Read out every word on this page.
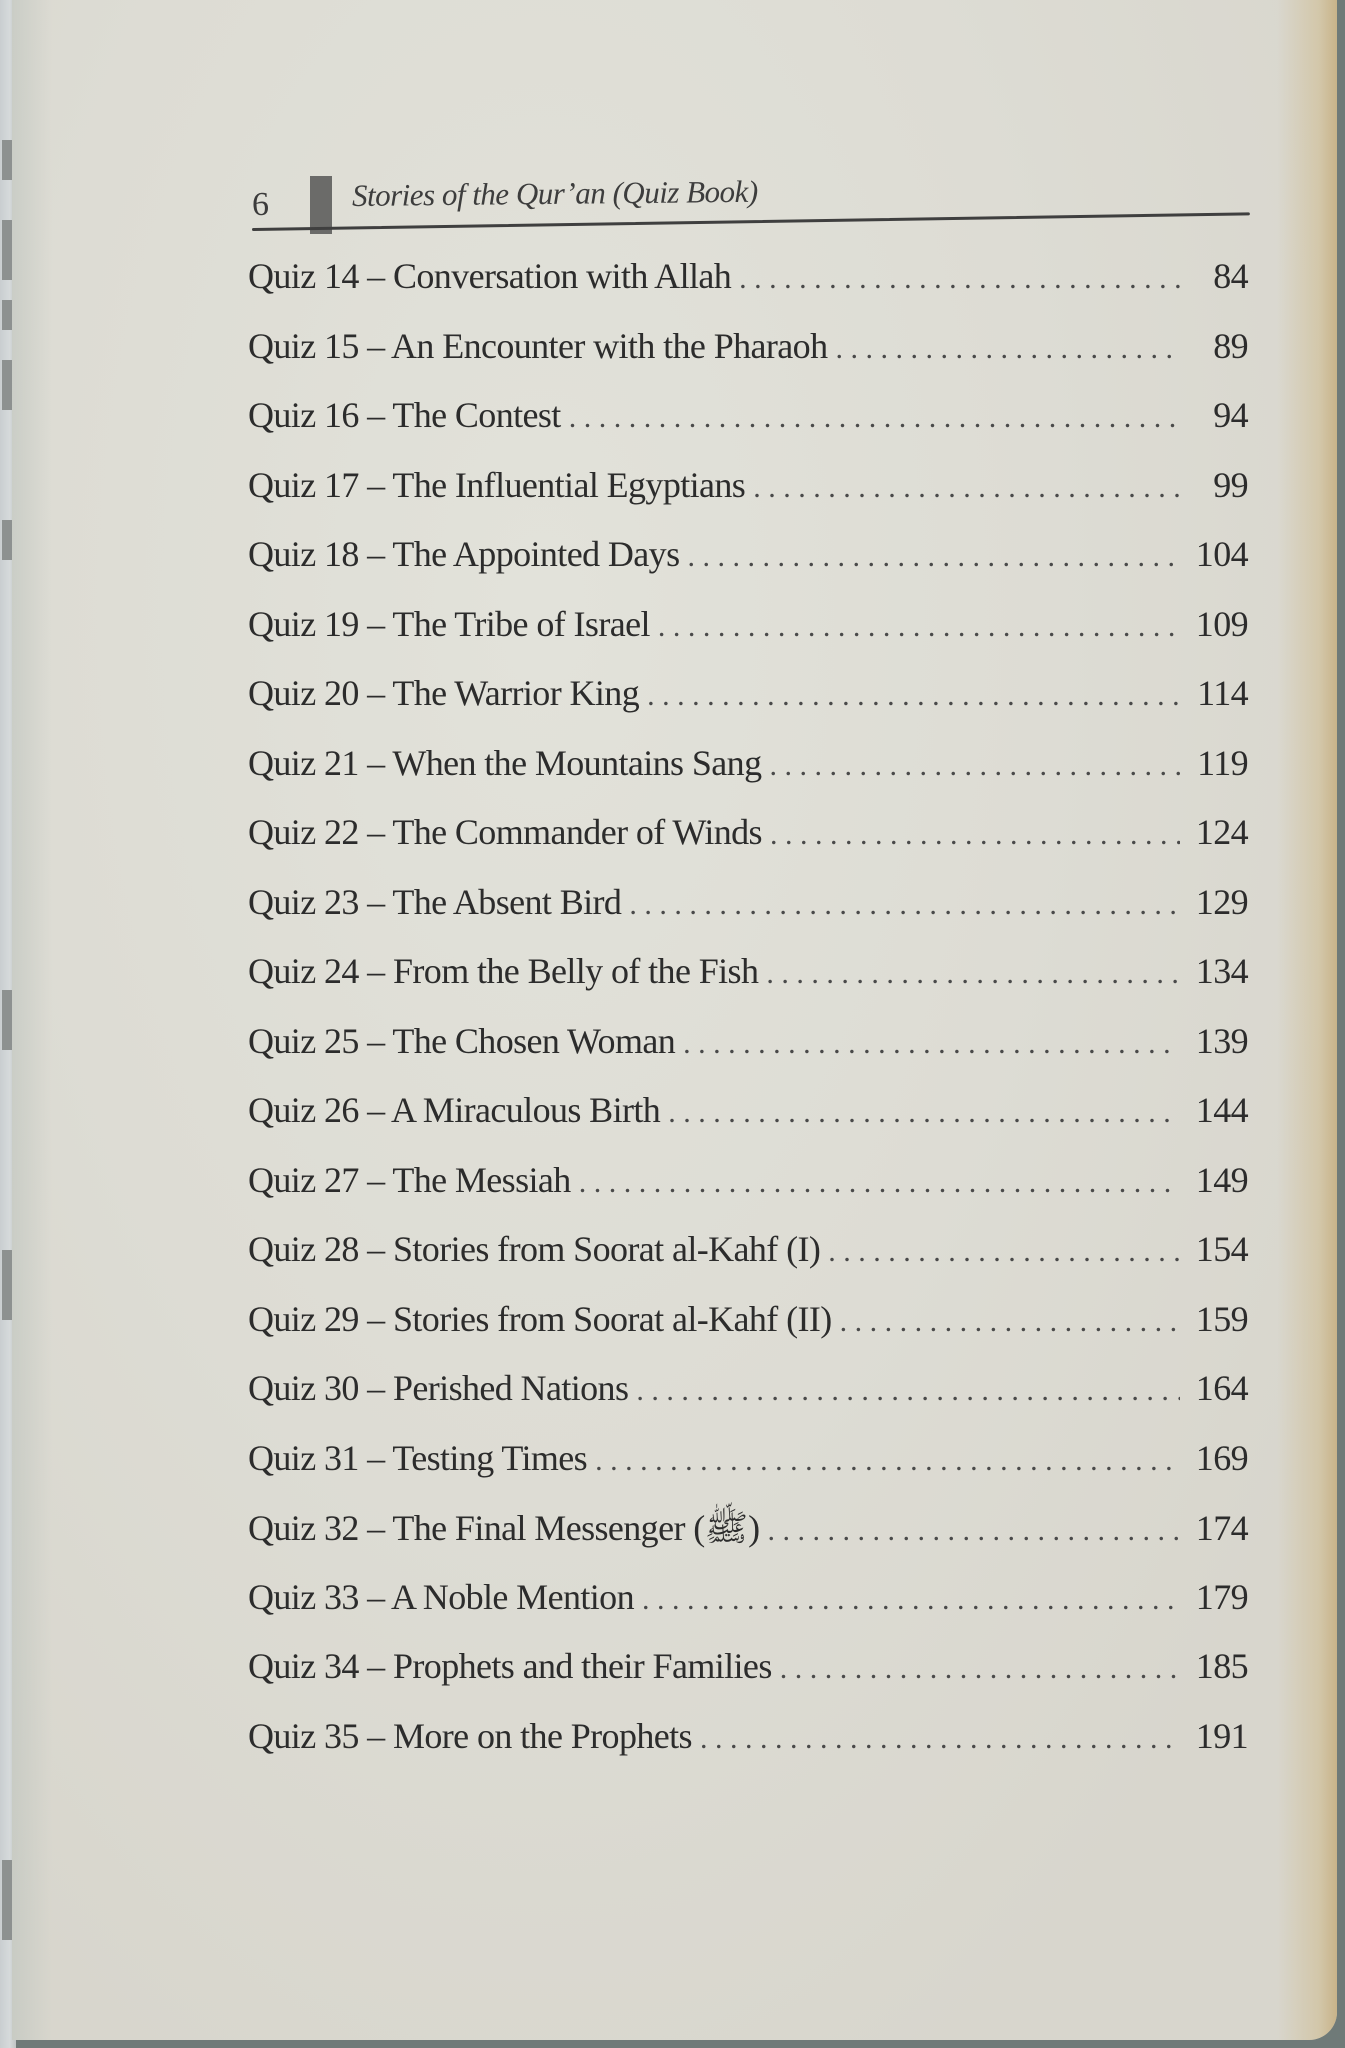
6	Stories of the Qur’an (Quiz Book)
Quiz 14 – Conversation with Allah . . .	84
Quiz 15 – An Encounter with the Pharaoh . . .	89
Quiz 16 – The Contest . . .	94
Quiz 17 – The Influential Egyptians . . .	99
Quiz 18 – The Appointed Days . . .	104
Quiz 19 – The Tribe of Israel . . .	109
Quiz 20 – The Warrior King . . .	114
Quiz 21 – When the Mountains Sang . . .	119
Quiz 22 – The Commander of Winds . . .	124
Quiz 23 – The Absent Bird . . .	129
Quiz 24 – From the Belly of the Fish . . .	134
Quiz 25 – The Chosen Woman . . .	139
Quiz 26 – A Miraculous Birth . . .	144
Quiz 27 – The Messiah . . .	149
Quiz 28 – Stories from Soorat al-Kahf (I) . . .	154
Quiz 29 – Stories from Soorat al-Kahf (II) . . .	159
Quiz 30 – Perished Nations . . .	164
Quiz 31 – Testing Times . . .	169
Quiz 32 – The Final Messenger (ﷺ) . . .	174
Quiz 33 – A Noble Mention . . .	179
Quiz 34 – Prophets and their Families . . .	185
Quiz 35 – More on the Prophets . . .	191
